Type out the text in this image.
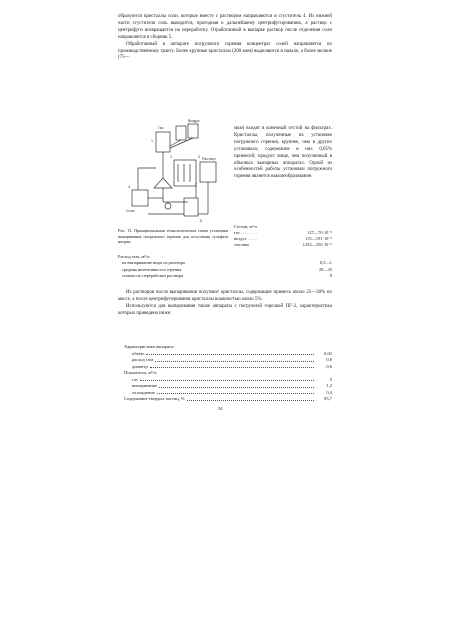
образуются кристаллы соли, которые вместе с раствором направляются в сгуститель 4. Из нижней части сгустителя соль выводится, пригодная к дальнейшему центрифугированию, а раствор с центрифуги возвращается на переработку. Отработанный в выпарке раствор после отделения соли направляется в сборник 5.

Обработанный в аппарате погружного горения концентрат солей направляется по производственному тракту. Более крупные кристаллы (200 мкм) выделяются в начале, а более мелкие (75—

Газ
Воздух
1
2	3
4
5
Раствор
Соль

мкм) входят в конечный отстой на фильтрах. Кристаллы, полученные на установке погружного горения, крупнее, чем в других установках; содержание в них 0,05% примесей; продукт чище, чем полученный в обычных выпарных аппаратах. Одной из особенностей работы установки погружного горения является накипеобразование.

Рис. 13. Принципиальная технологическая схема установки выпаривания погружного горения для получения сульфата натрия.
Состав, м³/ч
газ . . . . . . . .	127—70·10⁻²
воздух . . . . .	115—191·10⁻²
топливо	1233—250·10⁻²
Расход газа, м³/ч:
на выпаривание воды из раствора	0,5—1
средняя интенсивность горения	20—35
стоимость переработки раствора	8

Из растворов после выпаривания получают кристаллы, содержащие примесь около 25—30% по массе, а после центрифугирования кристаллы влажностью около 5%.

Используются для выпаривания также аппараты с погружной горелкой ПГ-2, характеристика которых приведена ниже:

Характеристика аппарата:
объем	0,02
расход газа	0,8
диаметр	0,6
Показатели, м³/ч:
газ	5
выпаривание	1,2
охлаждение	0,4
Содержание твердых частиц, %	85,7
54
